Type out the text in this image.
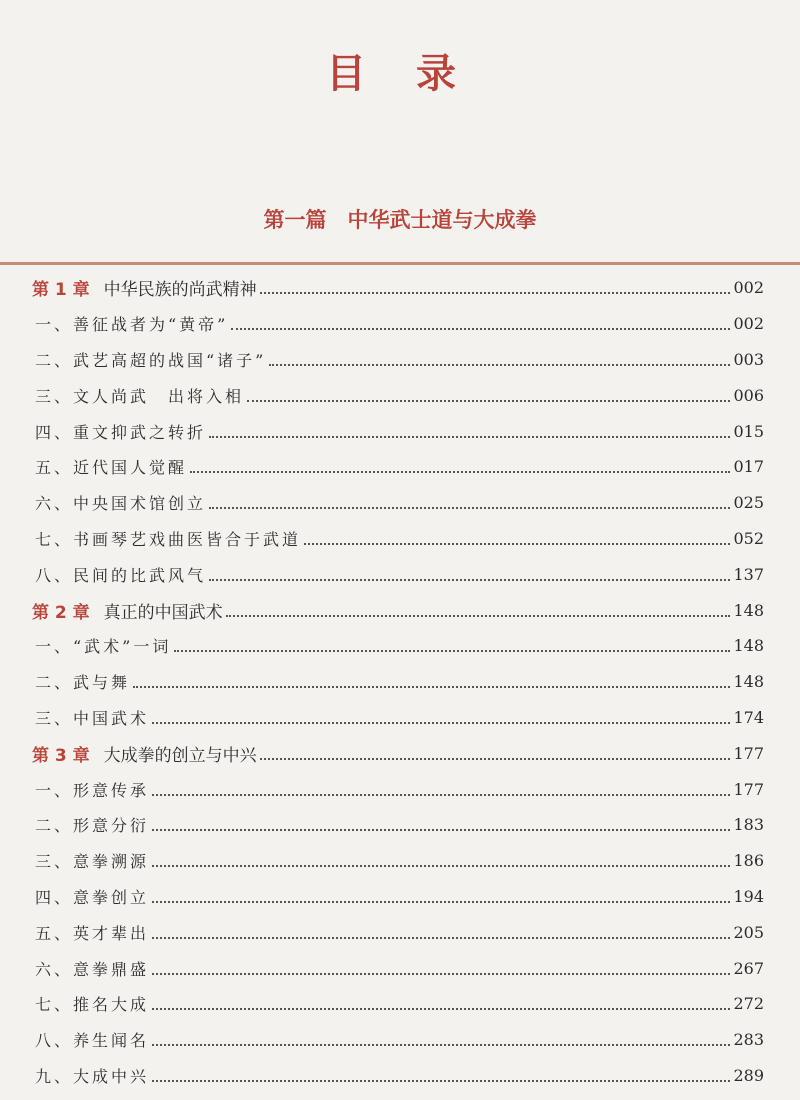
目 录
第一篇　中华武士道与大成拳
第 1 章 中华民族的尚武精神	002
一、善征战者为“黄帝”	002
二、武艺高超的战国“诸子”	003
三、文人尚武　出将入相	006
四、重文抑武之转折	015
五、近代国人觉醒	017
六、中央国术馆创立	025
七、书画琴艺戏曲医皆合于武道	052
八、民间的比武风气	137
第 2 章 真正的中国武术	148
一、“武术”一词	148
二、武与舞	148
三、中国武术	174
第 3 章 大成拳的创立与中兴	177
一、形意传承	177
二、形意分衍	183
三、意拳溯源	186
四、意拳创立	194
五、英才辈出	205
六、意拳鼎盛	267
七、推名大成	272
八、养生闻名	283
九、大成中兴	289
